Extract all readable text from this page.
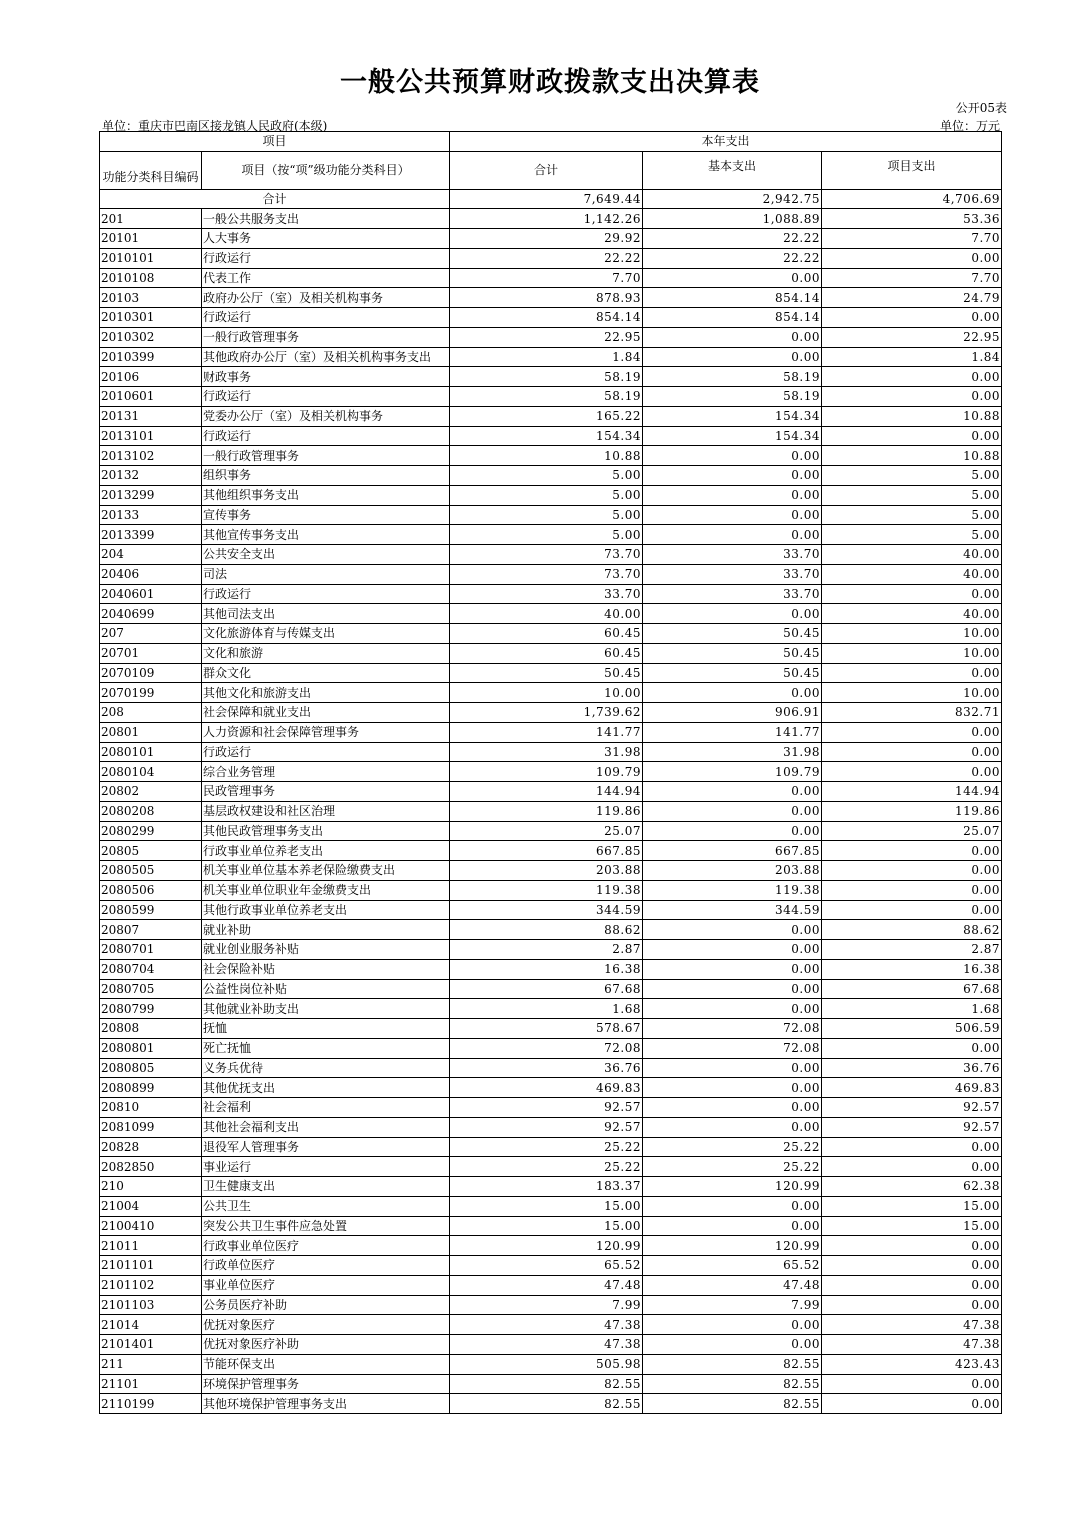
一般公共预算财政拨款支出决算表
公开05表
单位：重庆市巴南区接龙镇人民政府(本级)	单位：万元
项目		本年支出		
功能分类科目编码	项目（按“项”级功能分类科目）	合计	基本支出	项目支出
合计		7,649.44	2,942.75	4,706.69
201	一般公共服务支出	1,142.26	1,088.89	53.36
20101	人大事务	29.92	22.22	7.70
2010101	行政运行	22.22	22.22	0.00
2010108	代表工作	7.70	0.00	7.70
20103	政府办公厅（室）及相关机构事务	878.93	854.14	24.79
2010301	行政运行	854.14	854.14	0.00
2010302	一般行政管理事务	22.95	0.00	22.95
2010399	其他政府办公厅（室）及相关机构事务支出	1.84	0.00	1.84
20106	财政事务	58.19	58.19	0.00
2010601	行政运行	58.19	58.19	0.00
20131	党委办公厅（室）及相关机构事务	165.22	154.34	10.88
2013101	行政运行	154.34	154.34	0.00
2013102	一般行政管理事务	10.88	0.00	10.88
20132	组织事务	5.00	0.00	5.00
2013299	其他组织事务支出	5.00	0.00	5.00
20133	宣传事务	5.00	0.00	5.00
2013399	其他宣传事务支出	5.00	0.00	5.00
204	公共安全支出	73.70	33.70	40.00
20406	司法	73.70	33.70	40.00
2040601	行政运行	33.70	33.70	0.00
2040699	其他司法支出	40.00	0.00	40.00
207	文化旅游体育与传媒支出	60.45	50.45	10.00
20701	文化和旅游	60.45	50.45	10.00
2070109	群众文化	50.45	50.45	0.00
2070199	其他文化和旅游支出	10.00	0.00	10.00
208	社会保障和就业支出	1,739.62	906.91	832.71
20801	人力资源和社会保障管理事务	141.77	141.77	0.00
2080101	行政运行	31.98	31.98	0.00
2080104	综合业务管理	109.79	109.79	0.00
20802	民政管理事务	144.94	0.00	144.94
2080208	基层政权建设和社区治理	119.86	0.00	119.86
2080299	其他民政管理事务支出	25.07	0.00	25.07
20805	行政事业单位养老支出	667.85	667.85	0.00
2080505	机关事业单位基本养老保险缴费支出	203.88	203.88	0.00
2080506	机关事业单位职业年金缴费支出	119.38	119.38	0.00
2080599	其他行政事业单位养老支出	344.59	344.59	0.00
20807	就业补助	88.62	0.00	88.62
2080701	就业创业服务补贴	2.87	0.00	2.87
2080704	社会保险补贴	16.38	0.00	16.38
2080705	公益性岗位补贴	67.68	0.00	67.68
2080799	其他就业补助支出	1.68	0.00	1.68
20808	抚恤	578.67	72.08	506.59
2080801	死亡抚恤	72.08	72.08	0.00
2080805	义务兵优待	36.76	0.00	36.76
2080899	其他优抚支出	469.83	0.00	469.83
20810	社会福利	92.57	0.00	92.57
2081099	其他社会福利支出	92.57	0.00	92.57
20828	退役军人管理事务	25.22	25.22	0.00
2082850	事业运行	25.22	25.22	0.00
210	卫生健康支出	183.37	120.99	62.38
21004	公共卫生	15.00	0.00	15.00
2100410	突发公共卫生事件应急处置	15.00	0.00	15.00
21011	行政事业单位医疗	120.99	120.99	0.00
2101101	行政单位医疗	65.52	65.52	0.00
2101102	事业单位医疗	47.48	47.48	0.00
2101103	公务员医疗补助	7.99	7.99	0.00
21014	优抚对象医疗	47.38	0.00	47.38
2101401	优抚对象医疗补助	47.38	0.00	47.38
211	节能环保支出	505.98	82.55	423.43
21101	环境保护管理事务	82.55	82.55	0.00
2110199	其他环境保护管理事务支出	82.55	82.55	0.00
